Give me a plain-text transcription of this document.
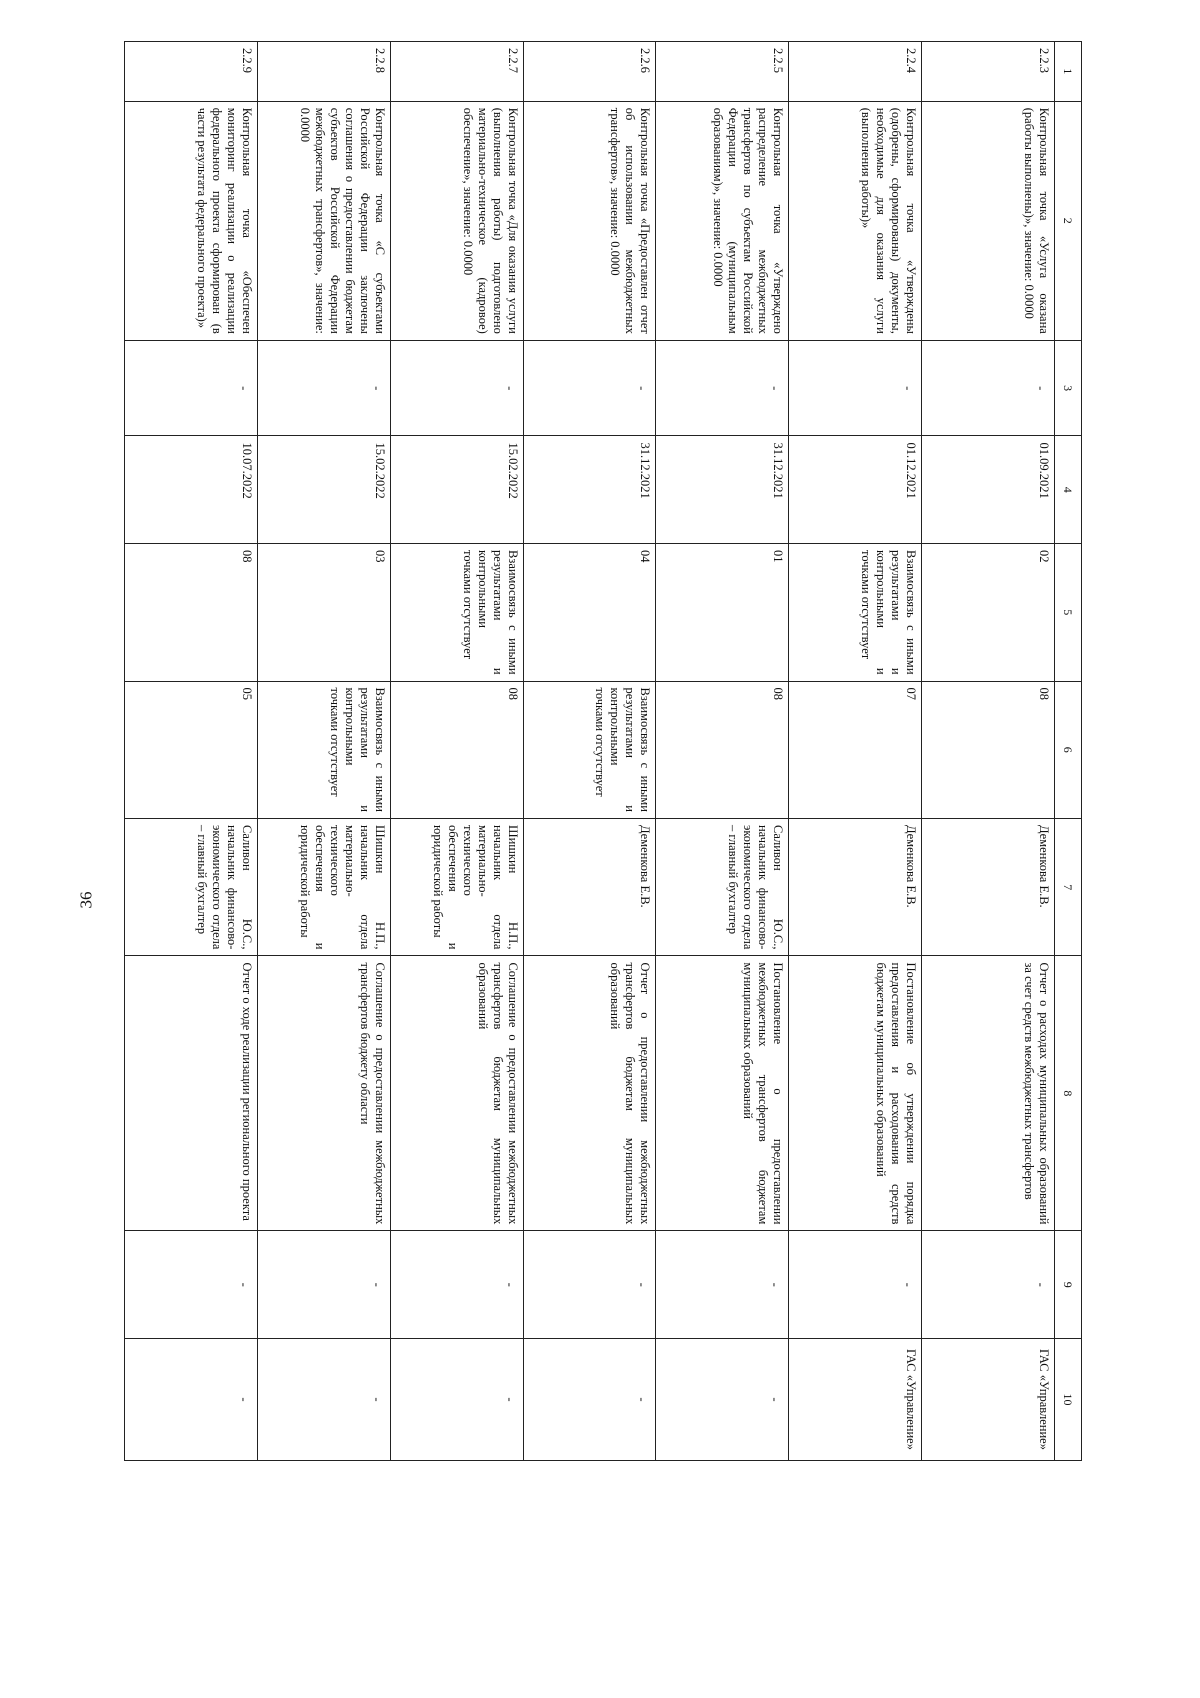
36
1	2	3	4	5	6	7	8	9	10
2.2.3	Контрольная точка «Услуга оказана (работы выполнены)», значение: 0.0000	-	01.09.2021	02	08	Деменкова Е.В.	Отчет о расходах муниципальных образований за счет средств межбюджетных трансфертов	-	ГАС «Управление»
2.2.4	Контрольная точка «Утверждены (одобрены, сформированы) документы, необходимые для оказания услуги (выполнения работы)»	-	01.12.2021	Взаимосвязь с иными результатами и контрольными и точками отсутствует	07	Деменкова Е.В.	Постановление об утверждении порядка предоставления и расходования средств бюджетам муниципальных образований	-	ГАС «Управление»
2.2.5	Контрольная точка «Утверждено распределение межбюджетных трансфертов по субъектам Российской Федерации (муниципальным образованиям)», значение: 0.0000	-	31.12.2021	01	08	Саливон Ю.С., начальник финансово-экономического отдела – главный бухгалтер	Постановление о предоставлении межбюджетных трансфертов бюджетам муниципальных образований	-	-
2.2.6	Контрольная точка «Предоставлен отчет об использовании межбюджетных трансфертов», значение: 0.0000	-	31.12.2021	04	Взаимосвязь с иными результатами и контрольными точками отсутствует	Деменкова Е.В.	Отчет о предоставлении межбюджетных трансфертов бюджетам муниципальных образований	-	-
2.2.7	Контрольная точка «Для оказания услуги (выполнения работы) подготовлено материально-техническое (кадровое) обеспечение», значение: 0.0000	-	15.02.2022	Взаимосвязь с иными результатами и контрольными точками отсутствует	08	Шишкин Н.П., начальник отдела материально-технического обеспечения и юридической работы	Соглашение о предоставлении межбюджетных трансфертов бюджетам муниципальных образований	-	-
2.2.8	Контрольная точка «С субъектами Российской Федерации заключены соглашения о предоставлении бюджетам субъектов Российской Федерации межбюджетных трансфертов», значение: 0.0000	-	15.02.2022	03	Взаимосвязь с иными результатами и контрольными точками отсутствует	Шишкин Н.П., начальник отдела материально-технического обеспечения и юридической работы	Соглашение о предоставлении межбюджетных трансфертов бюджету области	-	-
2.2.9	Контрольная точка «Обеспечен мониторинг реализации о реализации федерального проекта сформирован (в части результата федерального проекта)»	-	10.07.2022	08	05	Саливон Ю.С., начальник финансово-экономического отдела – главный бухгалтер	Отчет о ходе реализации регионального проекта	-	-
